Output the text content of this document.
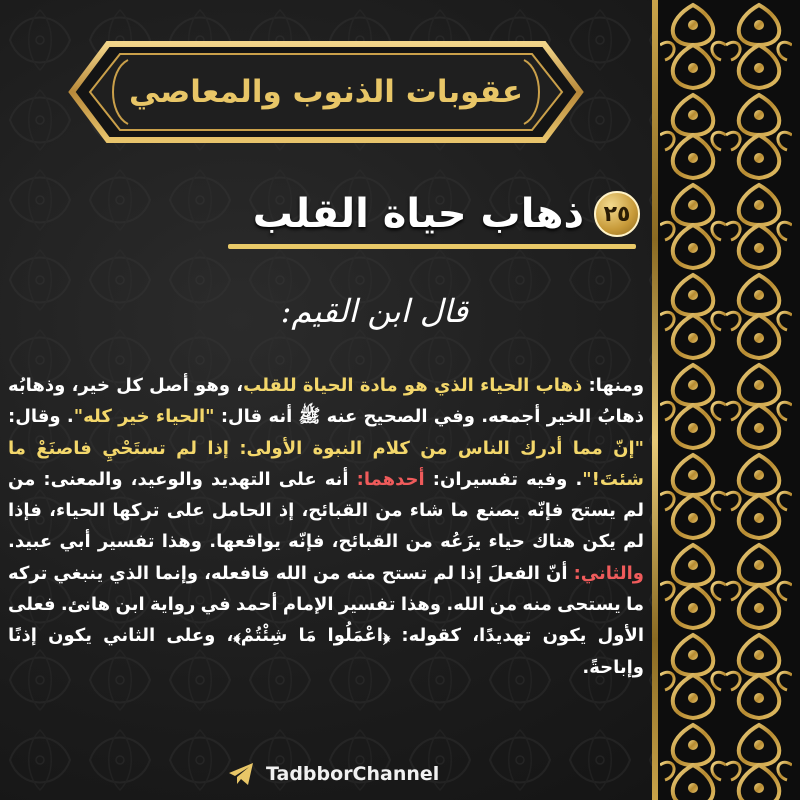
عقوبات الذنوب والمعاصي
٢٥
ذهاب حياة القلب
قال ابن القيم:
ومنها: ذهاب الحياء الذي هو مادة الحياة للقلب، وهو أصل كل خير، وذهابُه ذهابُ الخير أجمعه. وفي الصحيح عنه ﷺ أنه قال: "الحياء خير كله". وقال: "إنّ مما أدرك الناس من كلام النبوة الأولى: إذا لم تستَحْيِ فاصنَعْ ما شئتَ!". وفيه تفسيران: أحدهما: أنه على التهديد والوعيد، والمعنى: من لم يستح فإنّه يصنع ما شاء من القبائح، إذ الحامل على تركها الحياء، فإذا لم يكن هناك حياء يزَعُه من القبائح، فإنّه يواقعها. وهذا تفسير أبي عبيد. والثاني: أنّ الفعلَ إذا لم تستح منه من الله فافعله، وإنما الذي ينبغي تركه ما يستحى منه من الله. وهذا تفسير الإمام أحمد في رواية ابن هانئ. فعلى الأول يكون تهديدًا، كقوله: ﴿اعْمَلُوا مَا شِئْتُمْ﴾، وعلى الثاني يكون إذنًا وإباحةً.
TadbborChannel
